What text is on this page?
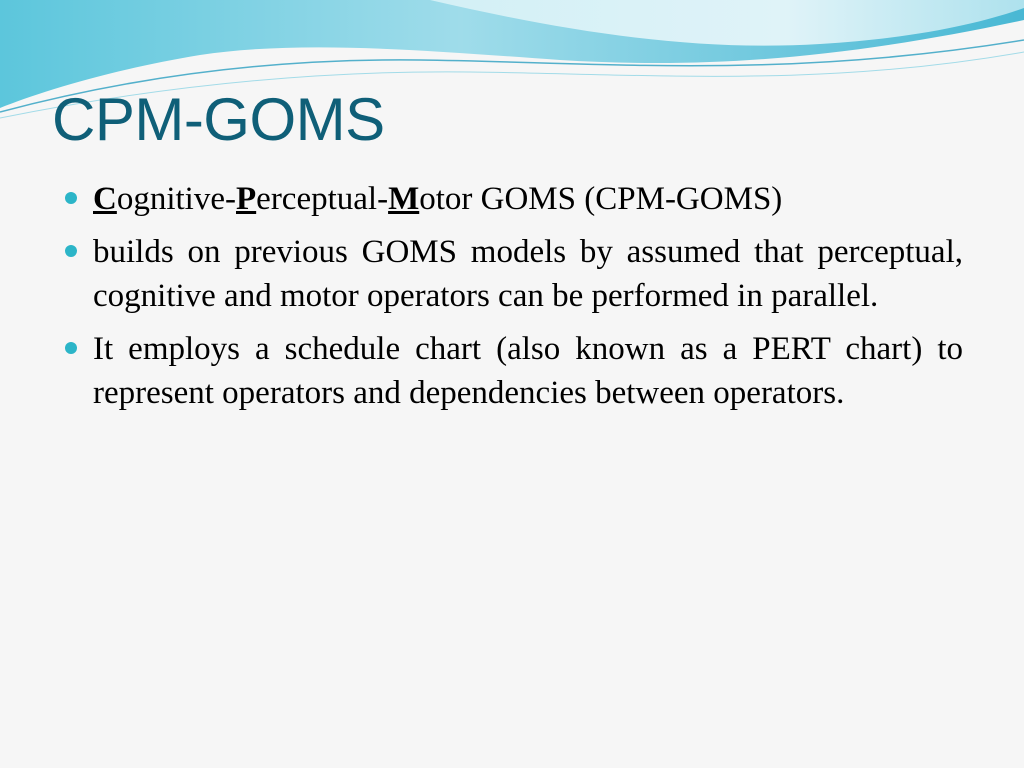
CPM-GOMS
Cognitive-Perceptual-Motor GOMS (CPM-GOMS)
builds on previous GOMS models by assumed that perceptual, cognitive and motor operators can be performed in parallel.
It employs a schedule chart (also known as a PERT chart) to represent operators and dependencies between operators.
